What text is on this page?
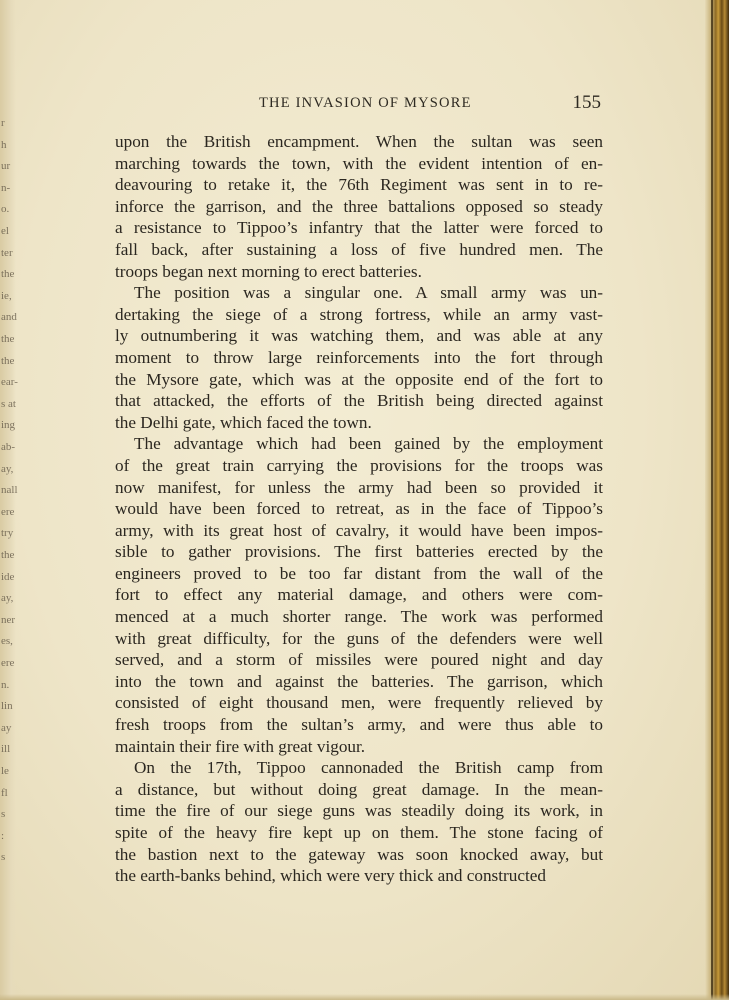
r
h
ur
n-
o.
el
ter
the
ie,
and
the
the
ear-
s at
ing
ab-
ay,
nall
ere
try
the
ide
ay,
ner
es,
ere
n.
lin
ay
ill
le
fl
s
:
s
THE INVASION OF MYSORE	155

upon the British encampment. When the sultan was seen
marching towards the town, with the evident intention of en-
deavouring to retake it, the 76th Regiment was sent in to re-
inforce the garrison, and the three battalions opposed so steady
a resistance to Tippoo’s infantry that the latter were forced to
fall back, after sustaining a loss of five hundred men. The
troops began next morning to erect batteries.

The position was a singular one. A small army was un-
dertaking the siege of a strong fortress, while an army vast-
ly outnumbering it was watching them, and was able at any
moment to throw large reinforcements into the fort through
the Mysore gate, which was at the opposite end of the fort to
that attacked, the efforts of the British being directed against
the Delhi gate, which faced the town.

The advantage which had been gained by the employment
of the great train carrying the provisions for the troops was
now manifest, for unless the army had been so provided it
would have been forced to retreat, as in the face of Tippoo’s
army, with its great host of cavalry, it would have been impos-
sible to gather provisions. The first batteries erected by the
engineers proved to be too far distant from the wall of the
fort to effect any material damage, and others were com-
menced at a much shorter range. The work was performed
with great difficulty, for the guns of the defenders were well
served, and a storm of missiles were poured night and day
into the town and against the batteries. The garrison, which
consisted of eight thousand men, were frequently relieved by
fresh troops from the sultan’s army, and were thus able to
maintain their fire with great vigour.

On the 17th, Tippoo cannonaded the British camp from
a distance, but without doing great damage. In the mean-
time the fire of our siege guns was steadily doing its work, in
spite of the heavy fire kept up on them. The stone facing of
the bastion next to the gateway was soon knocked away, but
the earth-banks behind, which were very thick and constructed
